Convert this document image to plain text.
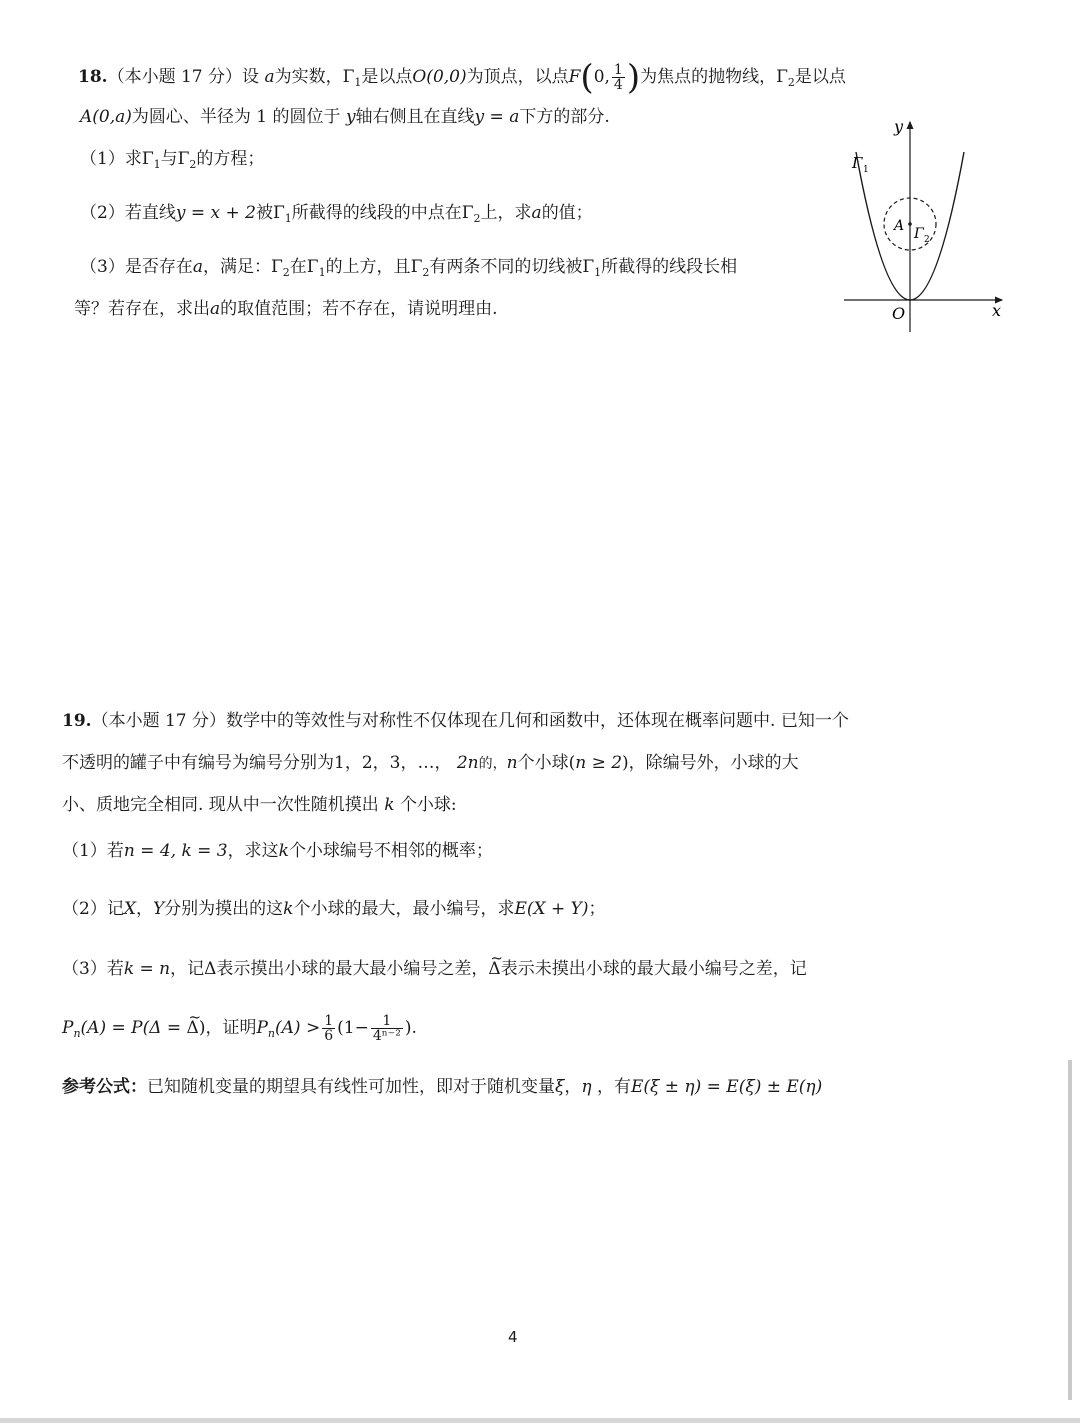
18.（本小题 17 分）设 a为实数，$\Gamma_1$是以点O(0,0)为顶点，以点F(0, $\frac{1}{4}$ )为焦点的抛物线，$\Gamma_2$是以点
A(0,a)为圆心、半径为 1 的圆位于 y轴右侧且在直线y = a下方的部分.
（1）求$\Gamma_1$与$\Gamma_2$的方程；
（2）若直线y = x + 2被$\Gamma_1$所截得的线段的中点在$\Gamma_2$上，求a的值；
（3）是否存在a，满足：$\Gamma_2$在$\Gamma_1$的上方，且$\Gamma_2$有两条不同的切线被$\Gamma_1$所截得的线段长相
等？若存在，求出a的取值范围；若不存在，请说明理由.
y
x
O
A
Γ 1
Γ 2
19.（本小题 17 分）数学中的等效性与对称性不仅体现在几何和函数中，还体现在概率问题中. 已知一个
不透明的罐子中有编号为编号分别为1，2，3，…， 2n的，n个小球(n ≥ 2)，除编号外，小球的大
小、质地完全相同. 现从中一次性随机摸出 k 个小球:
（1）若n = 4, k = 3，求这k个小球编号不相邻的概率；
（2）记X，Y分别为摸出的这k个小球的最大，最小编号，求E(X + Y)；
（3）若k = n，记Δ表示摸出小球的最大最小编号之差，~ Δ表示未摸出小球的最大最小编号之差，记
$P_n(A) = P(\Delta$ = ~ Δ)，证明$P_n(A) > \frac{1}{6} (1- \frac{1}{\text{4ⁿ⁻²}}$ ).
参考公式：已知随机变量的期望具有线性可加性，即对于随机变量ξ，η ，有E(ξ ± η) = E(ξ) ± E(η)
4
